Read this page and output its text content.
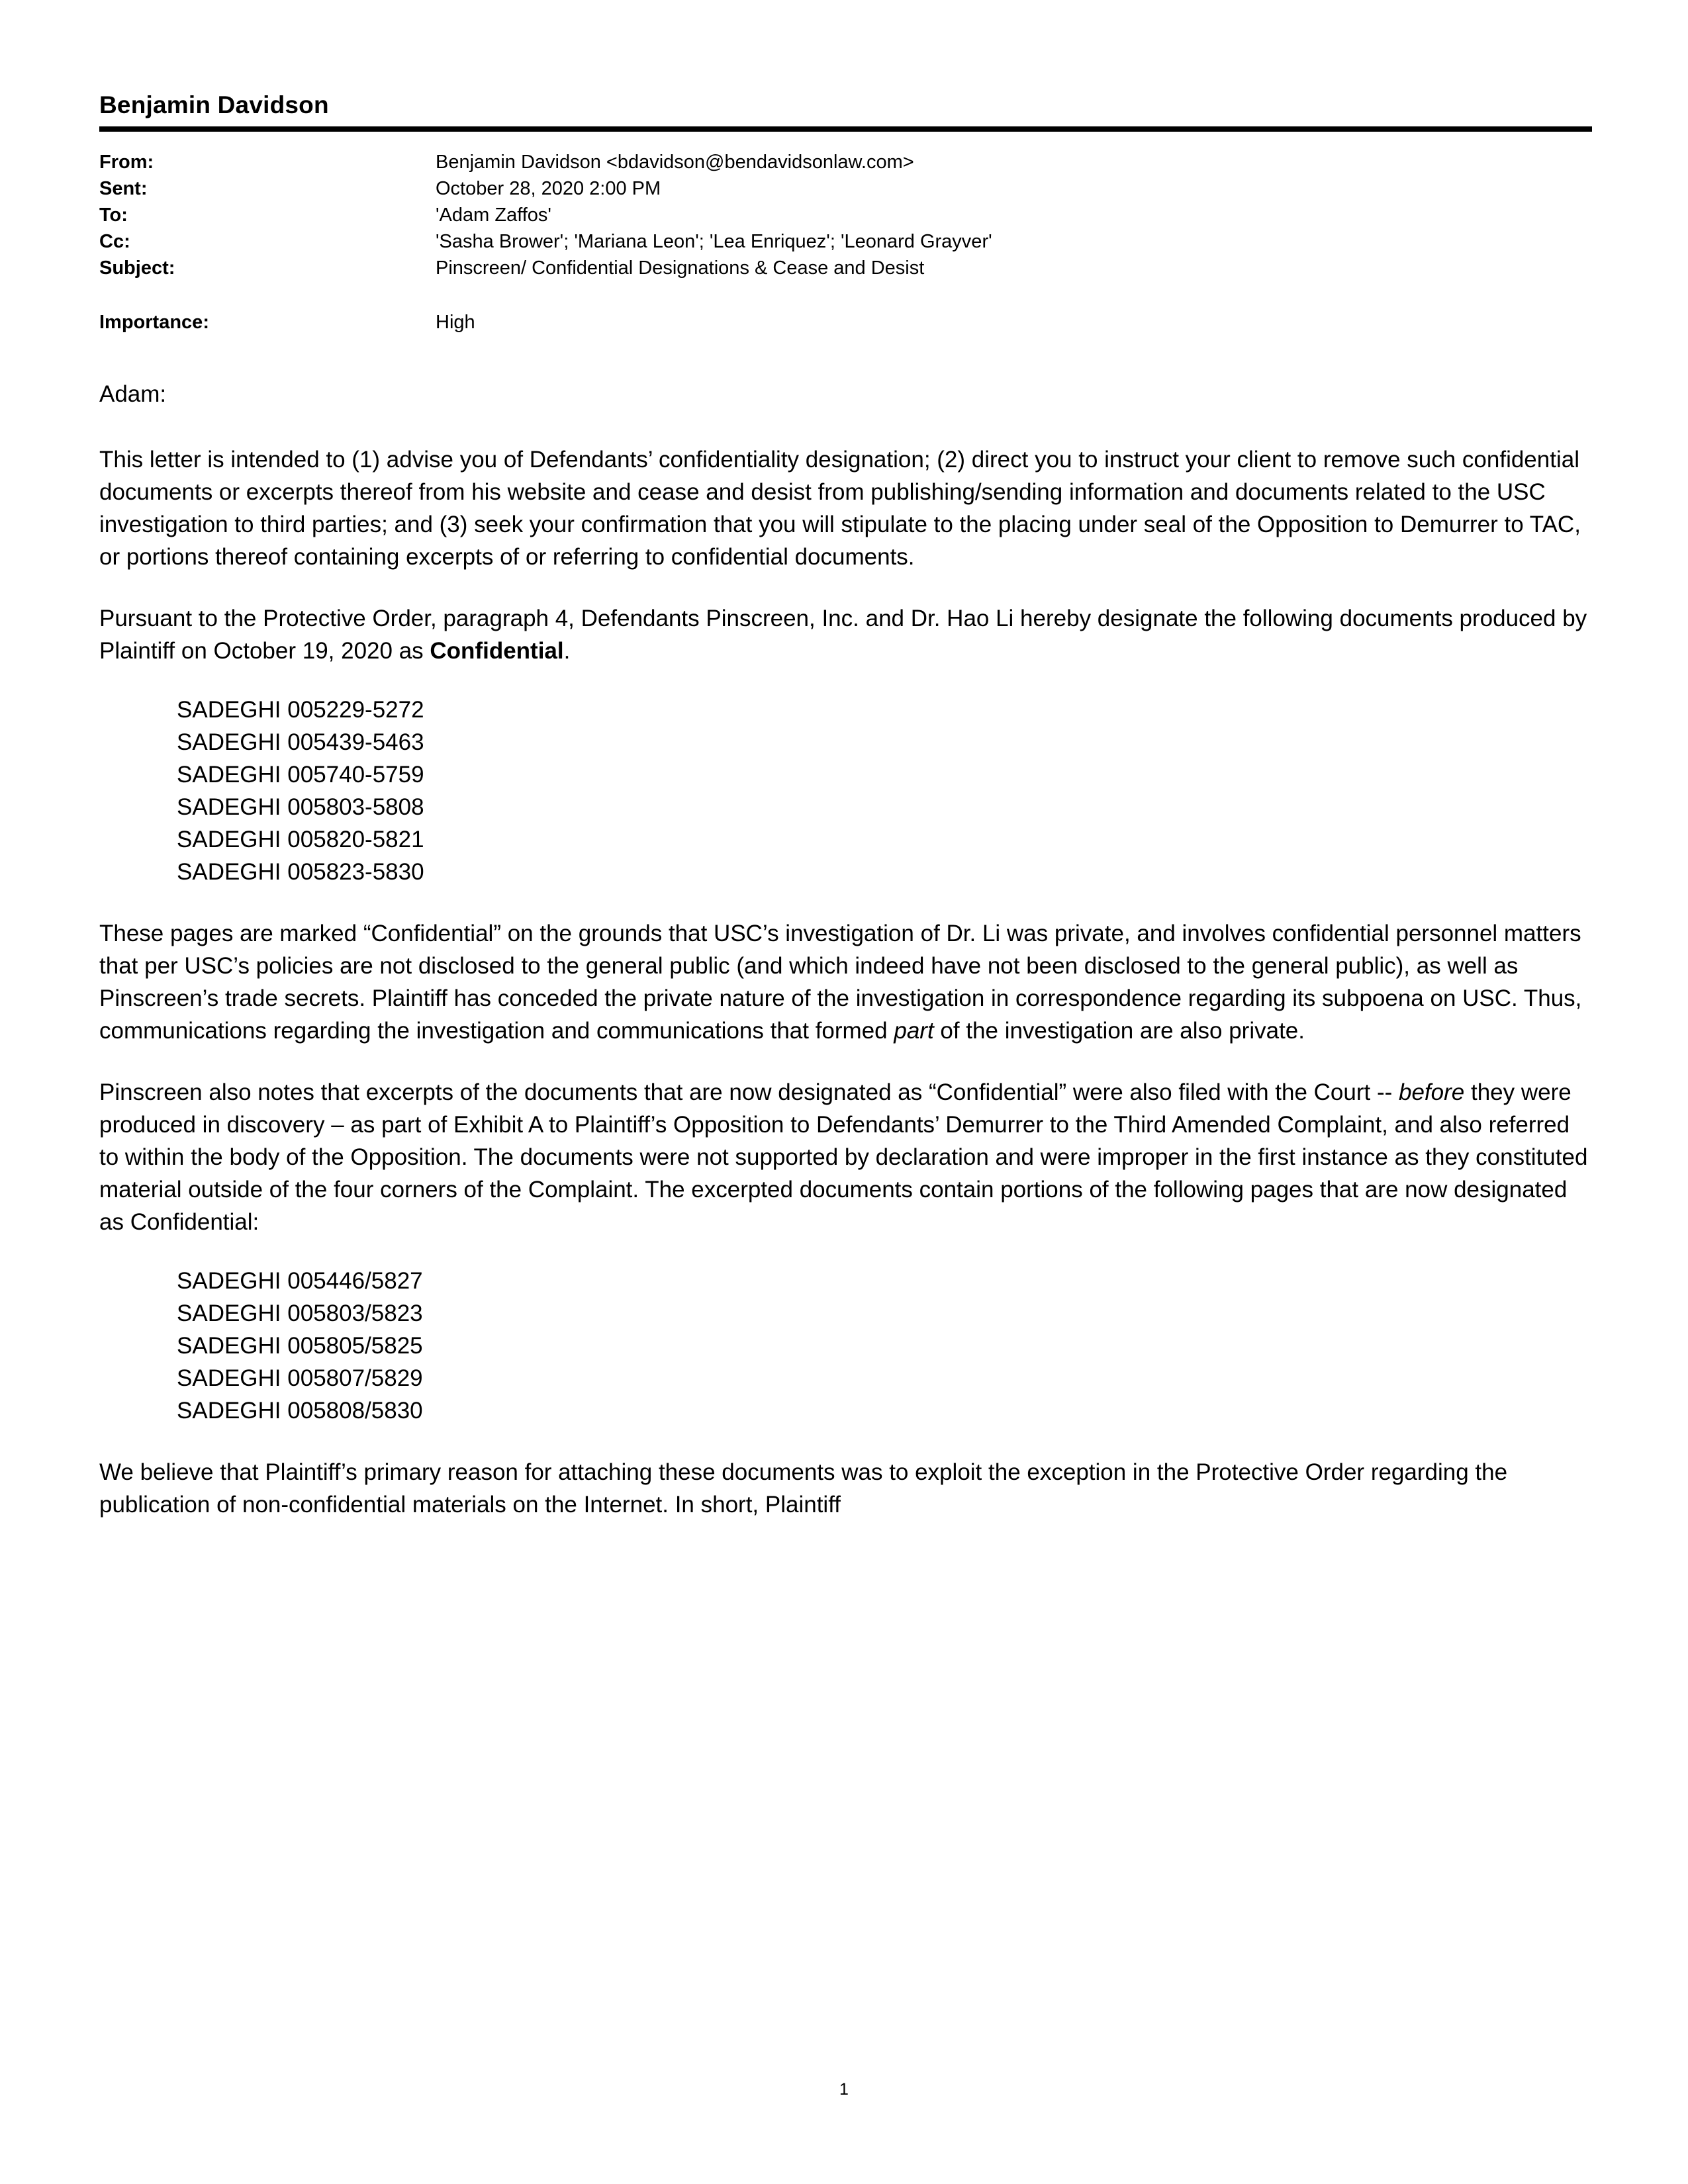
Benjamin Davidson
From:	Benjamin Davidson <bdavidson@bendavidsonlaw.com>
Sent:	October 28, 2020 2:00 PM
To:	'Adam Zaffos'
Cc:	'Sasha Brower'; 'Mariana Leon'; 'Lea Enriquez'; 'Leonard Grayver'
Subject:	Pinscreen/ Confidential Designations & Cease and Desist

Importance:	High

Adam:

This letter is intended to (1) advise you of Defendants’ confidentiality designation; (2) direct you to instruct your client to remove such confidential documents or excerpts thereof from his website and cease and desist from publishing/sending information and documents related to the USC investigation to third parties; and (3) seek your confirmation that you will stipulate to the placing under seal of the Opposition to Demurrer to TAC, or portions thereof containing excerpts of or referring to confidential documents.

Pursuant to the Protective Order, paragraph 4, Defendants Pinscreen, Inc. and Dr. Hao Li hereby designate the following documents produced by Plaintiff on October 19, 2020 as Confidential.

SADEGHI 005229-5272
SADEGHI 005439-5463
SADEGHI 005740-5759
SADEGHI 005803-5808
SADEGHI 005820-5821
SADEGHI 005823-5830

These pages are marked “Confidential” on the grounds that USC’s investigation of Dr. Li was private, and involves confidential personnel matters that per USC’s policies are not disclosed to the general public (and which indeed have not been disclosed to the general public), as well as Pinscreen’s trade secrets. Plaintiff has conceded the private nature of the investigation in correspondence regarding its subpoena on USC. Thus, communications regarding the investigation and communications that formed part of the investigation are also private.

Pinscreen also notes that excerpts of the documents that are now designated as “Confidential” were also filed with the Court -- before they were produced in discovery – as part of Exhibit A to Plaintiff’s Opposition to Defendants’ Demurrer to the Third Amended Complaint, and also referred to within the body of the Opposition. The documents were not supported by declaration and were improper in the first instance as they constituted material outside of the four corners of the Complaint. The excerpted documents contain portions of the following pages that are now designated as Confidential:

SADEGHI 005446/5827
SADEGHI 005803/5823
SADEGHI 005805/5825
SADEGHI 005807/5829
SADEGHI 005808/5830

We believe that Plaintiff’s primary reason for attaching these documents was to exploit the exception in the Protective Order regarding the publication of non-confidential materials on the Internet. In short, Plaintiff

1
